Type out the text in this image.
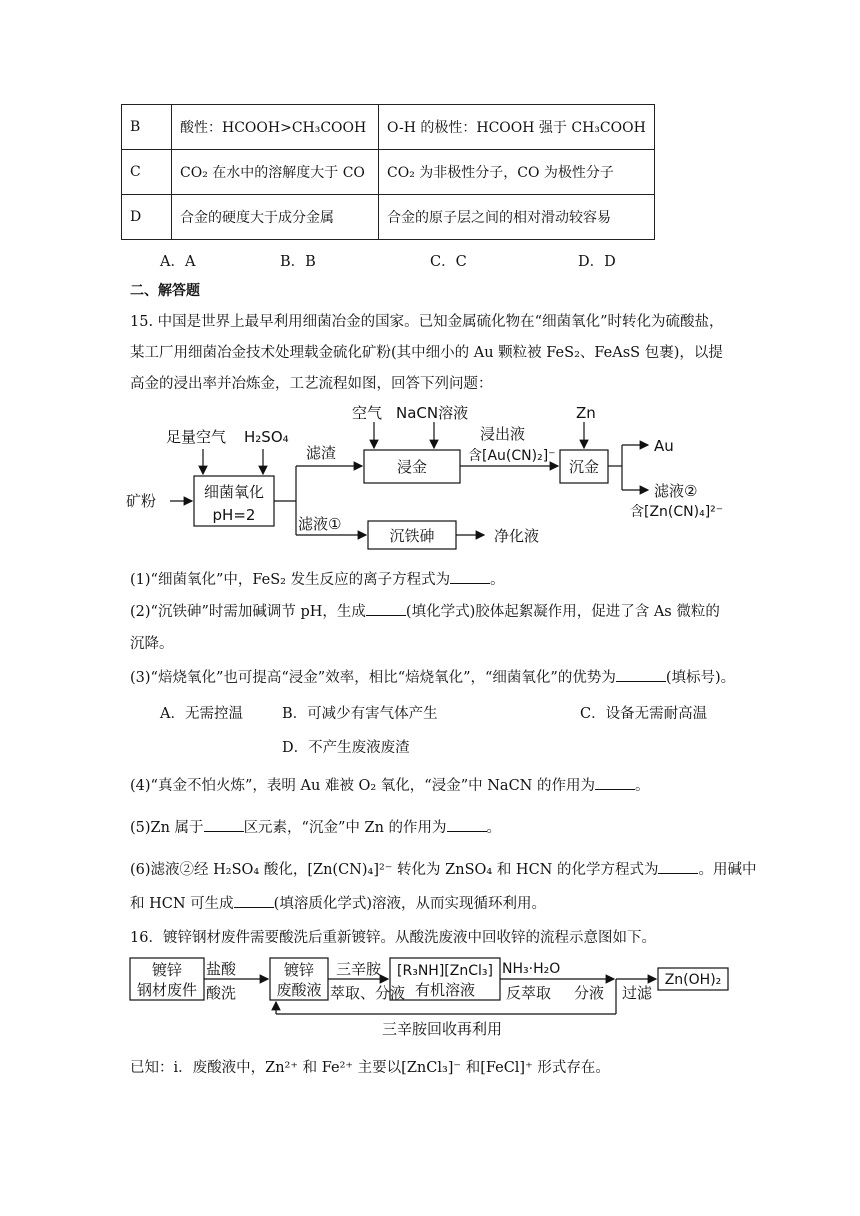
B	酸性：HCOOH>CH₃COOH	O-H 的极性：HCOOH 强于 CH₃COOH
C	CO₂ 在水中的溶解度大于 CO	CO₂ 为非极性分子，CO 为极性分子
D	合金的硬度大于成分金属	合金的原子层之间的相对滑动较容易
A．A	B．B	C．C	D．D
二、解答题
15. 中国是世界上最早利用细菌冶金的国家。已知金属硫化物在“细菌氧化”时转化为硫酸盐，
某工厂用细菌冶金技术处理载金硫化矿粉(其中细小的 Au 颗粒被 FeS₂、FeAsS 包裹)，以提
高金的浸出率并冶炼金，工艺流程如图，回答下列问题：
矿粉
足量空气 H₂SO₄
细菌氧化
pH=2
滤渣
滤液①
空气 NaCN溶液
浸金
浸出液
含[Au(CN)₂]⁻
Zn
沉金
Au
滤液②
含[Zn(CN)₄]²⁻
沉铁砷	净化液
(1)“细菌氧化”中，FeS₂ 发生反应的离子方程式为	。
(2)“沉铁砷”时需加碱调节 pH，生成	(填化学式)胶体起絮凝作用，促进了含 As 微粒的
沉降。
(3)“焙烧氧化”也可提高“浸金”效率，相比“焙烧氧化”，“细菌氧化”的优势为	(填标号)。
A．无需控温	B．可减少有害气体产生	C．设备无需耐高温
D．不产生废液废渣
(4)“真金不怕火炼”，表明 Au 难被 O₂ 氧化，“浸金”中 NaCN 的作用为	。
(5)Zn 属于	区元素，“沉金”中 Zn 的作用为	。
(6)滤液②经 H₂SO₄ 酸化，[Zn(CN)₄]²⁻ 转化为 ZnSO₄ 和 HCN 的化学方程式为	。用碱中
和 HCN 可生成	(填溶质化学式)溶液，从而实现循环利用。
16．镀锌钢材废件需要酸洗后重新镀锌。从酸洗废液中回收锌的流程示意图如下。
镀锌
钢材废件
盐酸
酸洗
镀锌
废酸液
三辛胺
萃取、分液
[R₃NH][ZnCl₃]
有机溶液
NH₃·H₂O
反萃取 分液 过滤
Zn(OH)₂
三辛胺回收再利用
已知：i．废酸液中，Zn²⁺ 和 Fe²⁺ 主要以[ZnCl₃]⁻ 和[FeCl]⁺ 形式存在。
